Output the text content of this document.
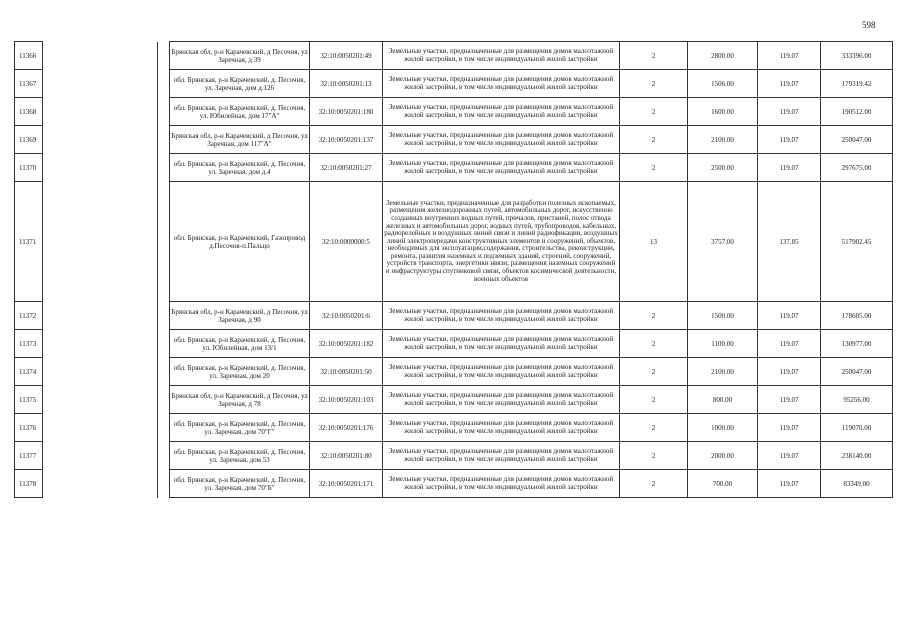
598
11366			Брянская обл, р-н Карачевский, д Песочня, ул Заречная, д 39	32:10:0050201:49	Земельные участки, предназначенные для размещения домов малоэтажной жилой застройки, в том числе индивидуальной жилой застройки	2	2800.00	119.07	333396.00
11367			обл. Брянская, р-н Карачевский, д. Песочня, ул. Заречная, дом д.126	32:10:0050201:13	Земельные участки, предназначенные для размещения домов малоэтажной жилой застройки, в том числе индивидуальной жилой застройки	2	1506.00	119.07	179319.42
11368			обл. Брянская, р-н Карачевский, д. Песочня, ул. Юбилейная, дом 17"А"	32:10:0050201:180	Земельные участки, предназначенные для размещения домов малоэтажной жилой застройки, в том числе индивидуальной жилой застройки	2	1600.00	119.07	190512.00
11369			Брянская обл, р-н Карачевский, д Песочня, ул Заречная, дом 117"А"	32:10:0050201:137	Земельные участки, предназначенные для размещения домов малоэтажной жилой застройки, в том числе индивидуальной жилой застройки	2	2100.00	119.07	250047.00
11370			обл. Брянская, р-н Карачевский, д. Песочня, ул. Заречная, дом д.4	32:10:0050201:27	Земельные участки, предназначенные для размещения домов малоэтажной жилой застройки, в том числе индивидуальной жилой застройки	2	2500.00	119.07	297675.00
11371			обл. Брянская, р-н Карачевский, Газопровод д.Песочня-п.Пальцо	32:10:0000000:5	Земельные участки, предназначенные для разработки полезных ископаемых, размещения железнодорожных путей, автомобильных дорог, искусственно созданных внутренних водных путей, причалов, пристаней, полос отвода железных и автомобильных дорог, водных путей, трубопроводов, кабельных, радиорелейных и воздушных линий связи и линий радиофикации, воздушных линий электропередачи конструктивных элементов и сооружений, объектов, необходимых для эксплуатации,содержания, строительства, реконструкции, ремонта, развития наземных и подземных зданий, строений, сооружений, устройств транспорта, энергетики нвязи; размещения наземных сооружений и инфраструктуры спутниковой связи, объектов косимической деятельности, военных объектов	13	3757.00	137.85	517902.45
11372			Брянская обл, р-н Карачевский, д Песочня, ул Заречная, д 90	32:10:0050201:6	Земельные участки, предназначенные для размещения домов малоэтажной жилой застройки, в том числе индивидуальной жилой застройки	2	1500.00	119.07	178605.00
11373			обл. Брянская, р-н Карачевский, д. Песочня, ул. Юбилейная, дом 13/1	32:10:0050201:182	Земельные участки, предназначенные для размещения домов малоэтажной жилой застройки, в том числе индивидуальной жилой застройки	2	1100.00	119.07	130977.00
11374			обл. Брянская, р-н Карачевский, д. Песочня, ул. Заречная, дом 20	32:10:0050201:50	Земельные участки, предназначенные для размещения домов малоэтажной жилой застройки, в том числе индивидуальной жилой застройки	2	2100.00	119.07	250047.00
11375			Брянская обл, р-н Карачевский, д Песочня, ул Заречная, д 78	32:10:0050201:103	Земельные участки, предназначенные для размещения домов малоэтажной жилой застройки, в том числе индивидуальной жилой застройки	2	800.00	119.07	95256.00
11376			обл. Брянская, р-н Карачевский, д. Песочня, ул. Заречная, дом 70"Г"	32:10:0050201:176	Земельные участки, предназначенные для размещения домов малоэтажной жилой застройки, в том числе индивидуальной жилой застройки	2	1000.00	119.07	119070.00
11377			обл. Брянская, р-н Карачевский, д. Песочня, ул. Заречная, дом 53	32:10:0050201:80	Земельные участки, предназначенные для размещения домов малоэтажной жилой застройки, в том числе индивидуальной жилой застройки	2	2000.00	119.07	238140.00
11378			обл. Брянская, р-н Карачевский, д. Песочня, ул. Заречная, дом 70"Б"	32:10:0050201:171	Земельные участки, предназначенные для размещения домов малоэтажной жилой застройки, в том числе индивидуальной жилой застройки	2	700.00	119.07	83349.00
